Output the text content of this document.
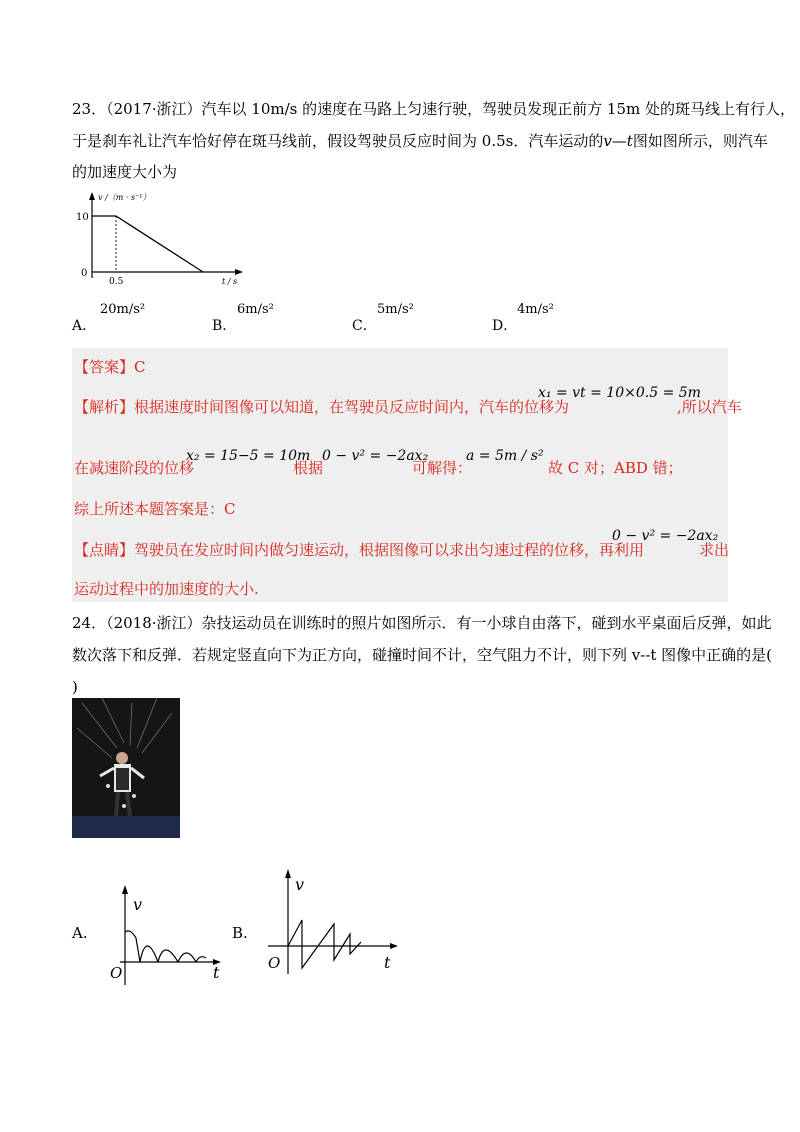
23．（2017·浙江）汽车以 10m/s 的速度在马路上匀速行驶，驾驶员发现正前方 15m 处的斑马线上有行人，
于是刹车礼让汽车恰好停在斑马线前，假设驾驶员反应时间为 0.5s．汽车运动的v—t图如图所示，则汽车
的加速度大小为
v /（m · s⁻¹）
10
0
0.5	t / s
A．
20m/s²
B．
6m/s²
C．
5m/s²
D．
4m/s²
【答案】C
【解析】根据速度时间图像可以知道，在驾驶员反应时间内，汽车的位移为
x₁ = vt = 10×0.5 = 5m
,所以汽车
在减速阶段的位移
x₂ = 15−5 = 10m
根据
0 − v² = −2ax₂
可解得：
a = 5m / s²
故 C 对；ABD 错；
综上所述本题答案是：C
【点睛】驾驶员在发应时间内做匀速运动，根据图像可以求出匀速过程的位移，再利用
0 − v² = −2ax₂
求出
运动过程中的加速度的大小.
24．（2018·浙江）杂技运动员在训练时的照片如图所示．有一小球自由落下，碰到水平桌面后反弹，如此
数次落下和反弹．若规定竖直向下为正方向，碰撞时间不计，空气阻力不计，则下列 v--t 图像中正确的是(
)
A.
v
O	t
B.
v
O	t
